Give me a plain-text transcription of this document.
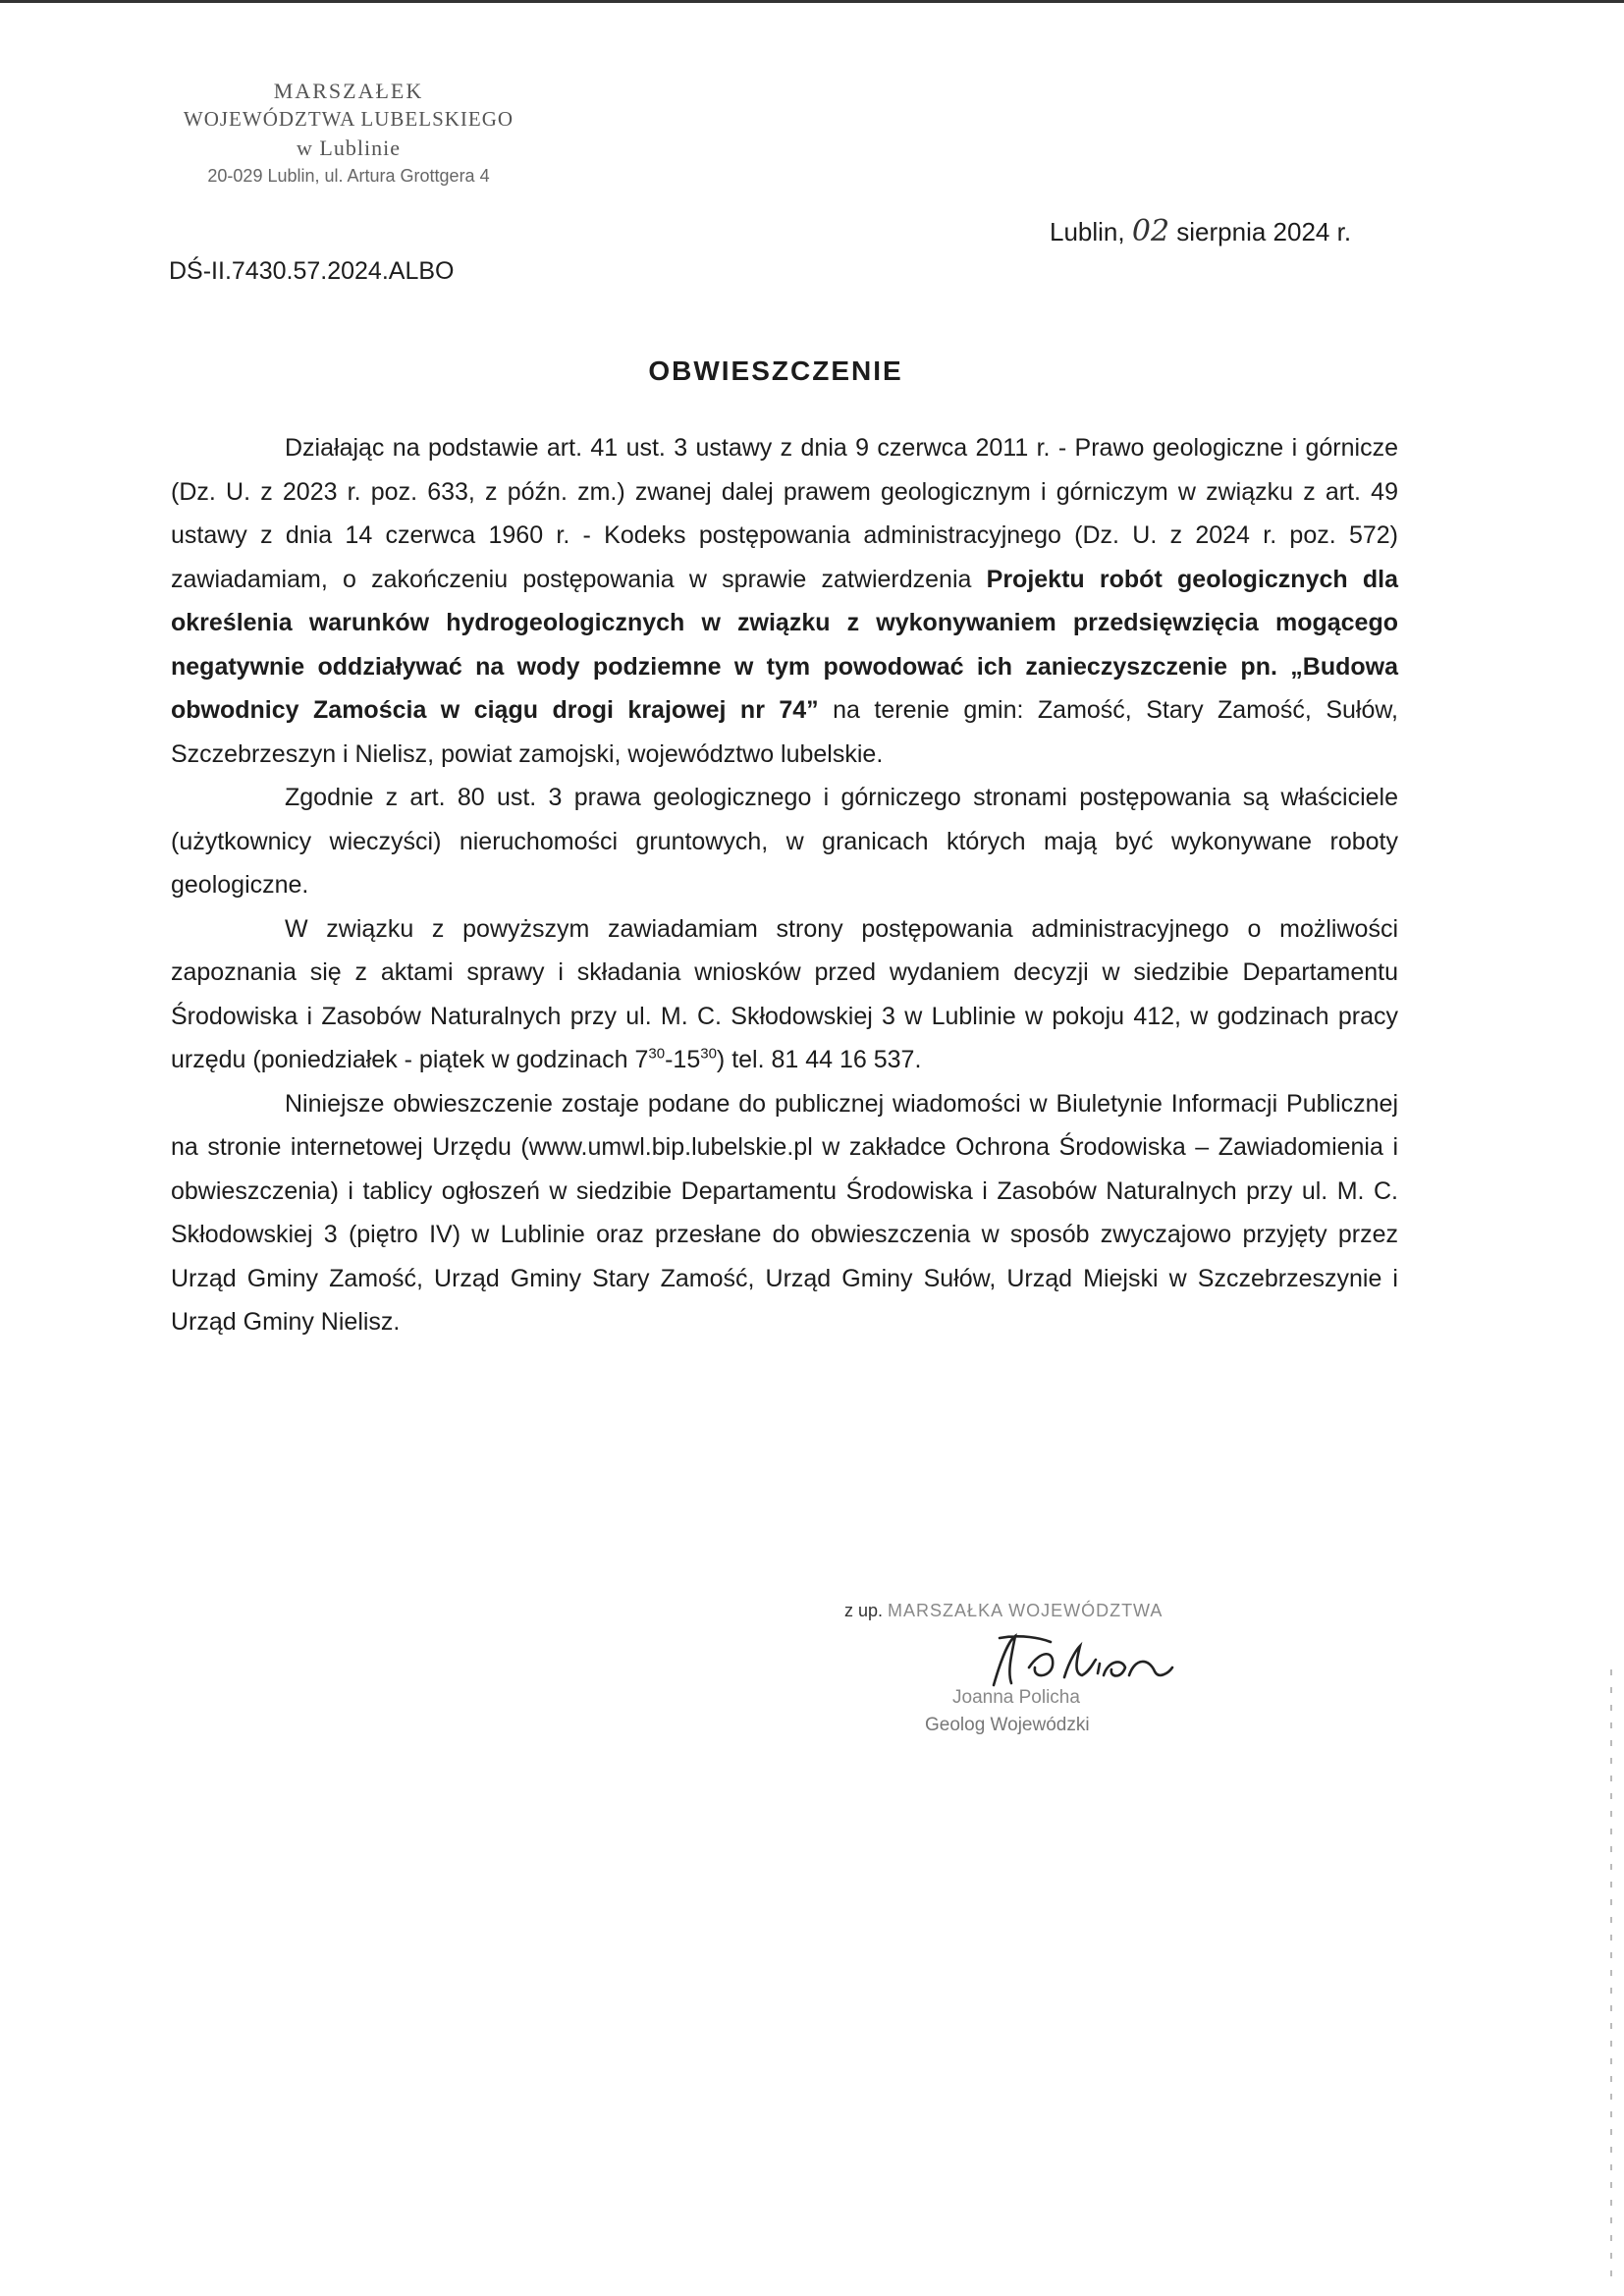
MARSZAŁEK
WOJEWÓDZTWA LUBELSKIEGO
w Lublinie
20-029 Lublin, ul. Artura Grottgera 4
Lublin, 02 sierpnia 2024 r.
DŚ-II.7430.57.2024.ALBO
OBWIESZCZENIE

Działając na podstawie art. 41 ust. 3 ustawy z dnia 9 czerwca 2011 r. - Prawo geologiczne i górnicze (Dz. U. z 2023 r. poz. 633, z późn. zm.) zwanej dalej prawem geologicznym i górniczym w związku z art. 49 ustawy z dnia 14 czerwca 1960 r. - Kodeks postępowania administracyjnego (Dz. U. z 2024 r. poz. 572) zawiadamiam, o zakończeniu postępowania w sprawie zatwierdzenia Projektu robót geologicznych dla określenia warunków hydrogeologicznych w związku z wykonywaniem przedsięwzięcia mogącego negatywnie oddziaływać na wody podziemne w tym powodować ich zanieczyszczenie pn. „Budowa obwodnicy Zamościa w ciągu drogi krajowej nr 74” na terenie gmin: Zamość, Stary Zamość, Sułów, Szczebrzeszyn i Nielisz, powiat zamojski, województwo lubelskie.

Zgodnie z art. 80 ust. 3 prawa geologicznego i górniczego stronami postępowania są właściciele (użytkownicy wieczyści) nieruchomości gruntowych, w granicach których mają być wykonywane roboty geologiczne.

W związku z powyższym zawiadamiam strony postępowania administracyjnego o możliwości zapoznania się z aktami sprawy i składania wniosków przed wydaniem decyzji w siedzibie Departamentu Środowiska i Zasobów Naturalnych przy ul. M. C. Skłodowskiej 3 w Lublinie w pokoju 412, w godzinach pracy urzędu (poniedziałek - piątek w godzinach $7^{30}-15^{30}$) tel. 81 44 16 537.

Niniejsze obwieszczenie zostaje podane do publicznej wiadomości w Biuletynie Informacji Publicznej na stronie internetowej Urzędu (www.umwl.bip.lubelskie.pl w zakładce Ochrona Środowiska – Zawiadomienia i obwieszczenia) i tablicy ogłoszeń w siedzibie Departamentu Środowiska i Zasobów Naturalnych przy ul. M. C. Skłodowskiej 3 (piętro IV) w Lublinie oraz przesłane do obwieszczenia w sposób zwyczajowo przyjęty przez Urząd Gminy Zamość, Urząd Gminy Stary Zamość, Urząd Gminy Sułów, Urząd Miejski w Szczebrzeszynie i Urząd Gminy Nielisz.

z up. MARSZAŁKA WOJEWÓDZTWA
Joanna Policha
Geolog Wojewódzki
